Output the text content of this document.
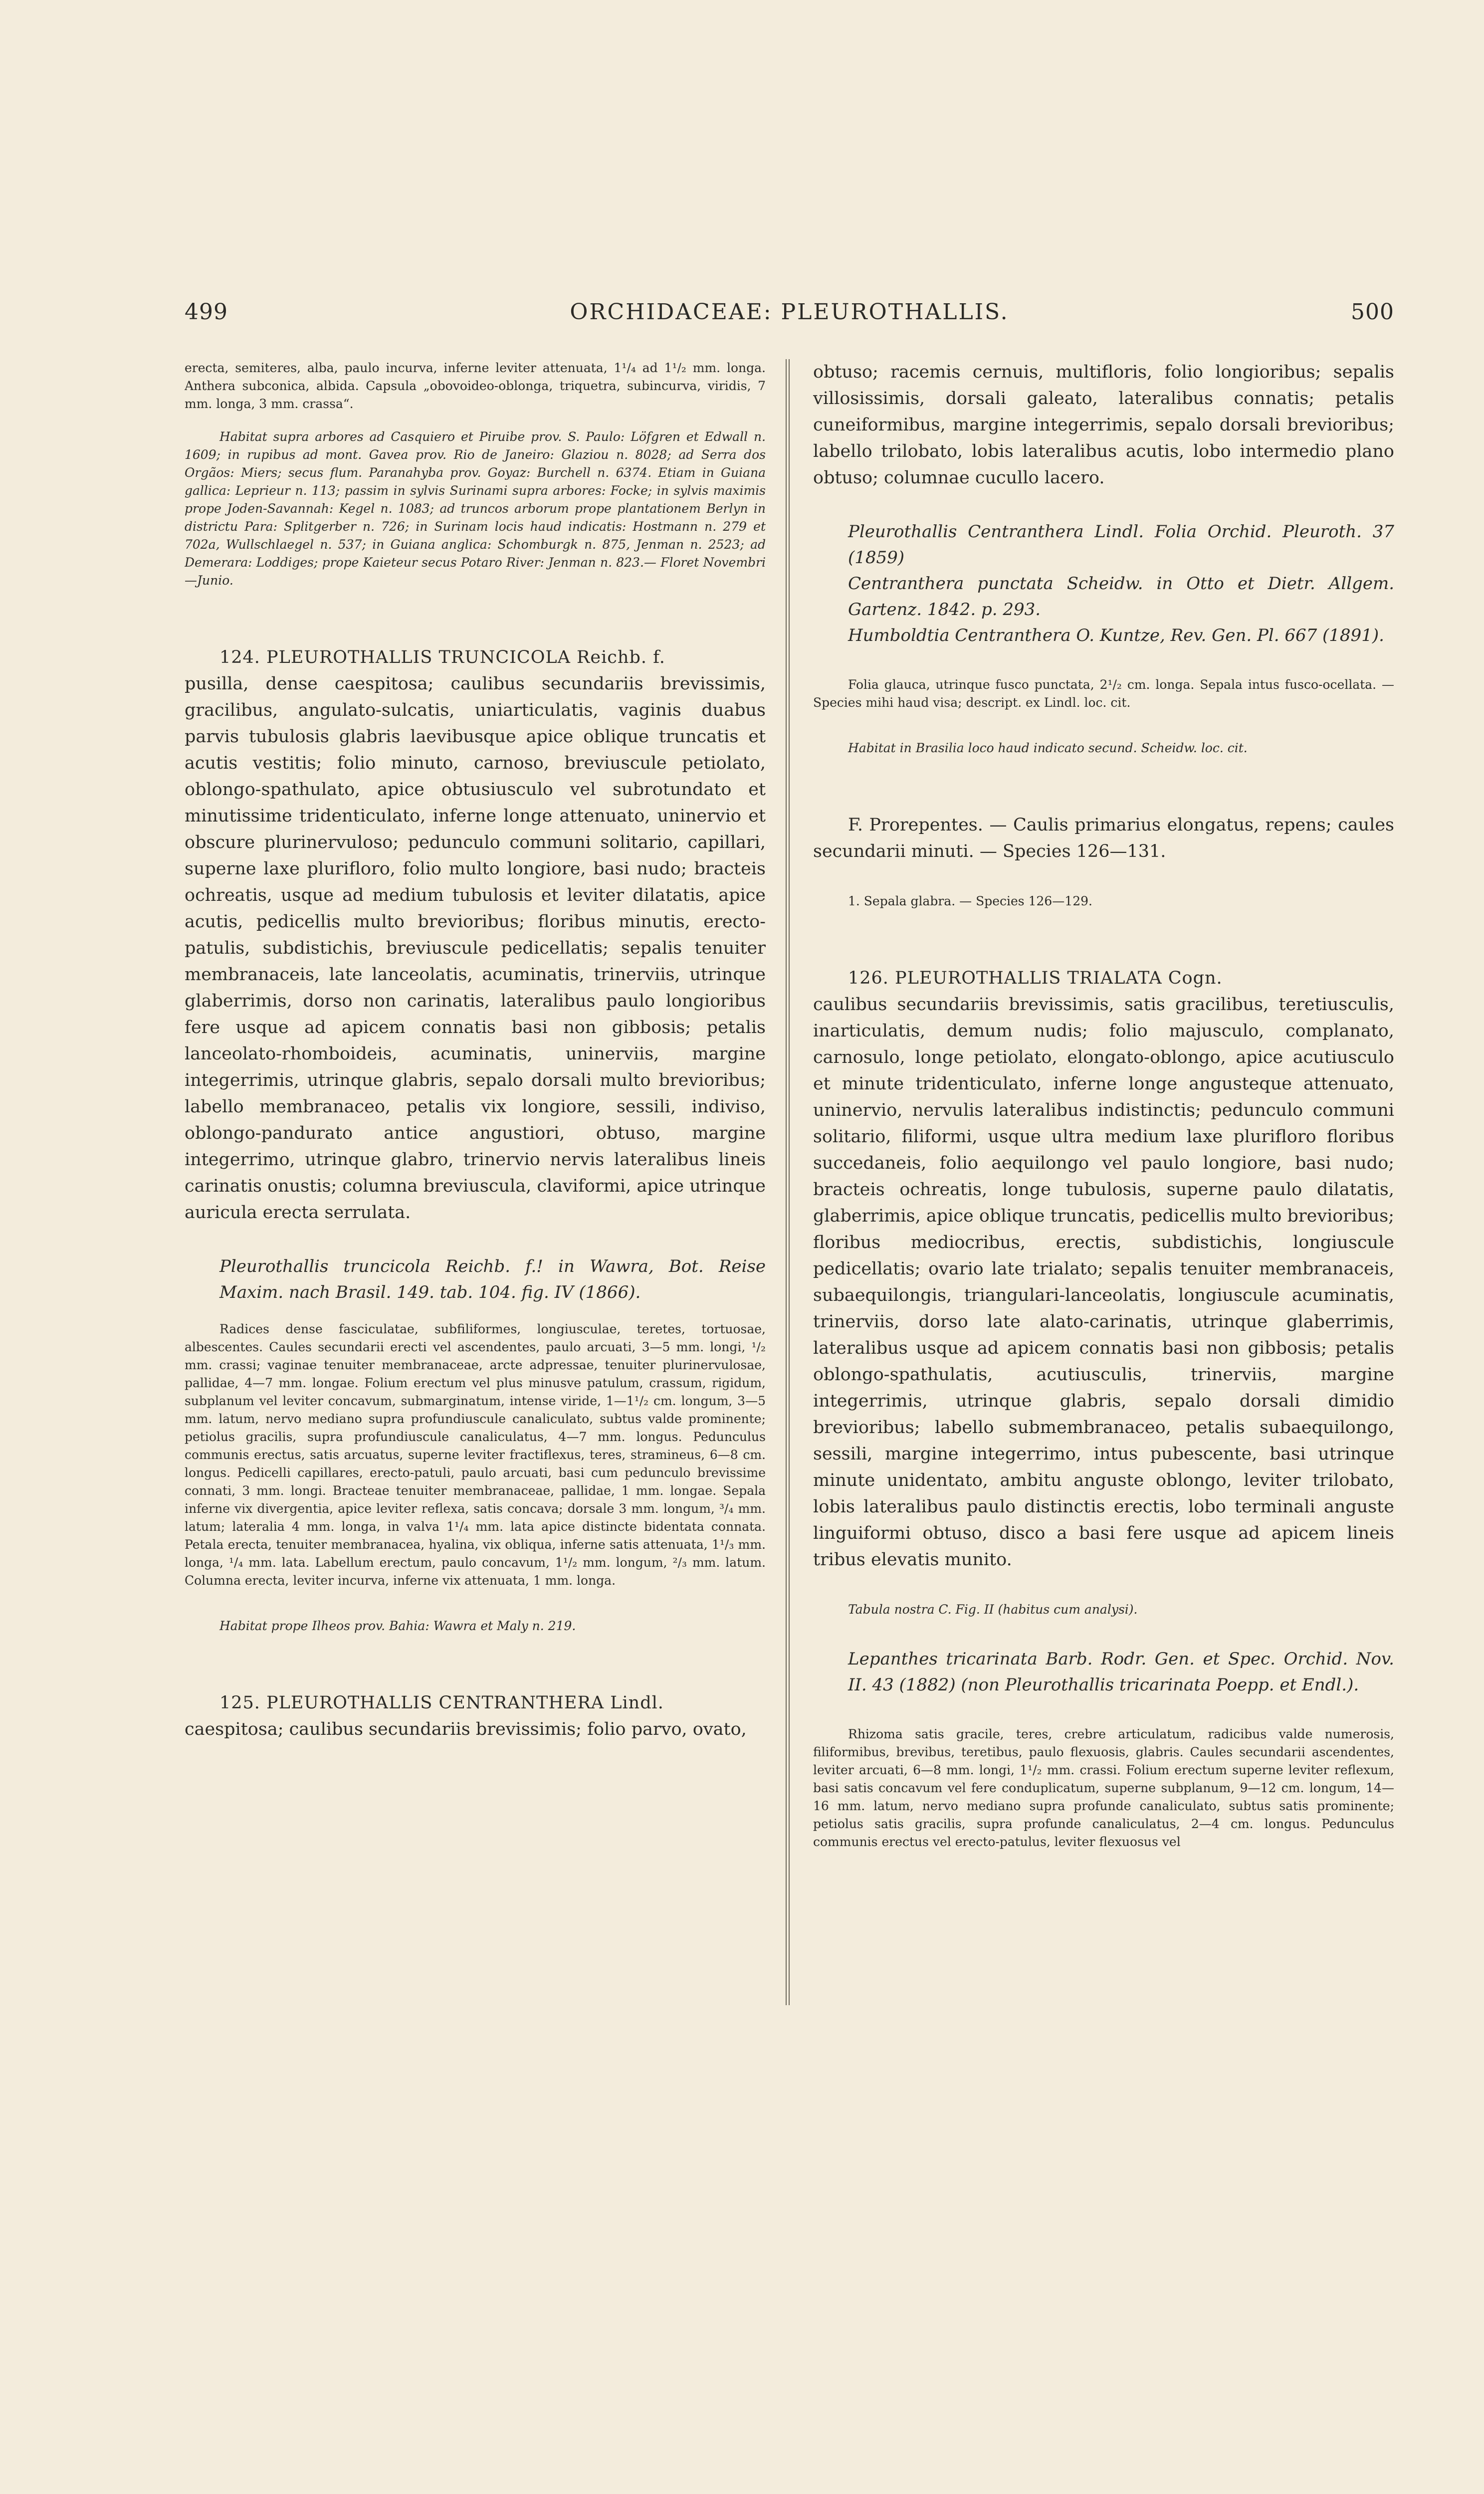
499	ORCHIDACEAE: PLEUROTHALLIS.	500

erecta, semiteres, alba, paulo incurva, inferne leviter attenuata, 1¹/₄ ad 1¹/₂ mm. longa. Anthera subconica, albida. Capsula „obovoideo-oblonga, triquetra, subincurva, viridis, 7 mm. longa, 3 mm. crassa“.

Habitat supra arbores ad Casquiero et Piruibe prov. S. Paulo: Löfgren et Edwall n. 1609; in rupibus ad mont. Gavea prov. Rio de Janeiro: Glaziou n. 8028; ad Serra dos Orgãos: Miers; secus flum. Paranahyba prov. Goyaz: Burchell n. 6374. Etiam in Guiana gallica: Leprieur n. 113; passim in sylvis Surinami supra arbores: Focke; in sylvis maximis prope Joden-Savannah: Kegel n. 1083; ad truncos arborum prope plantationem Berlyn in districtu Para: Splitgerber n. 726; in Surinam locis haud indicatis: Hostmann n. 279 et 702a, Wullschlaegel n. 537; in Guiana anglica: Schomburgk n. 875, Jenman n. 2523; ad Demerara: Loddiges; prope Kaieteur secus Potaro River: Jenman n. 823.— Floret Novembri—Junio.

124. PLEUROTHALLIS TRUNCICOLA Reichb. f.

pusilla, dense caespitosa; caulibus secundariis brevissimis, gracilibus, angulato-sulcatis, uniarticulatis, vaginis duabus parvis tubulosis glabris laevibusque apice oblique truncatis et acutis vestitis; folio minuto, carnoso, breviuscule petiolato, oblongo-spathulato, apice obtusiusculo vel subrotundato et minutissime tridenticulato, inferne longe attenuato, uninervio et obscure plurinervuloso; pedunculo communi solitario, capillari, superne laxe plurifloro, folio multo longiore, basi nudo; bracteis ochreatis, usque ad medium tubulosis et leviter dilatatis, apice acutis, pedicellis multo brevioribus; floribus minutis, erecto-patulis, subdistichis, breviuscule pedicellatis; sepalis tenuiter membranaceis, late lanceolatis, acuminatis, trinerviis, utrinque glaberrimis, dorso non carinatis, lateralibus paulo longioribus fere usque ad apicem connatis basi non gibbosis; petalis lanceolato-rhomboideis, acuminatis, uninerviis, margine integerrimis, utrinque glabris, sepalo dorsali multo brevioribus; labello membranaceo, petalis vix longiore, sessili, indiviso, oblongo-pandurato antice angustiori, obtuso, margine integerrimo, utrinque glabro, trinervio nervis lateralibus lineis carinatis onustis; columna breviuscula, claviformi, apice utrinque auricula erecta serrulata.

Pleurothallis truncicola Reichb. f.! in Wawra, Bot. Reise Maxim. nach Brasil. 149. tab. 104. fig. IV (1866).

Radices dense fasciculatae, subfiliformes, longiusculae, teretes, tortuosae, albescentes. Caules secundarii erecti vel ascendentes, paulo arcuati, 3—5 mm. longi, ¹/₂ mm. crassi; vaginae tenuiter membranaceae, arcte adpressae, tenuiter plurinervulosae, pallidae, 4—7 mm. longae. Folium erectum vel plus minusve patulum, crassum, rigidum, subplanum vel leviter concavum, submarginatum, intense viride, 1—1¹/₂ cm. longum, 3—5 mm. latum, nervo mediano supra profundiuscule canaliculato, subtus valde prominente; petiolus gracilis, supra profundiuscule canaliculatus, 4—7 mm. longus. Pedunculus communis erectus, satis arcuatus, superne leviter fractiflexus, teres, stramineus, 6—8 cm. longus. Pedicelli capillares, erecto-patuli, paulo arcuati, basi cum pedunculo brevissime connati, 3 mm. longi. Bracteae tenuiter membranaceae, pallidae, 1 mm. longae. Sepala inferne vix divergentia, apice leviter reflexa, satis concava; dorsale 3 mm. longum, ³/₄ mm. latum; lateralia 4 mm. longa, in valva 1¹/₄ mm. lata apice distincte bidentata connata. Petala erecta, tenuiter membranacea, hyalina, vix obliqua, inferne satis attenuata, 1¹/₃ mm. longa, ¹/₄ mm. lata. Labellum erectum, paulo concavum, 1¹/₂ mm. longum, ²/₃ mm. latum. Columna erecta, leviter incurva, inferne vix attenuata, 1 mm. longa.

Habitat prope Ilheos prov. Bahia: Wawra et Maly n. 219.

125. PLEUROTHALLIS CENTRANTHERA Lindl.

caespitosa; caulibus secundariis brevissimis; folio parvo, ovato,

obtuso; racemis cernuis, multifloris, folio longioribus; sepalis villosissimis, dorsali galeato, lateralibus connatis; petalis cuneiformibus, margine integerrimis, sepalo dorsali brevioribus; labello trilobato, lobis lateralibus acutis, lobo intermedio plano obtuso; columnae cucullo lacero.

Pleurothallis Centranthera Lindl. Folia Orchid. Pleuroth. 37 (1859)

Centranthera punctata Scheidw. in Otto et Dietr. Allgem. Gartenz. 1842. p. 293.

Humboldtia Centranthera O. Kuntze, Rev. Gen. Pl. 667 (1891).

Folia glauca, utrinque fusco punctata, 2¹/₂ cm. longa. Sepala intus fusco-ocellata. — Species mihi haud visa; descript. ex Lindl. loc. cit.

Habitat in Brasilia loco haud indicato secund. Scheidw. loc. cit.

F. Prorepentes. — Caulis primarius elongatus, repens; caules secundarii minuti. — Species 126—131.

1. Sepala glabra. — Species 126—129.

126. PLEUROTHALLIS TRIALATA Cogn.

caulibus secundariis brevissimis, satis gracilibus, teretiusculis, inarticulatis, demum nudis; folio majusculo, complanato, carnosulo, longe petiolato, elongato-oblongo, apice acutiusculo et minute tridenticulato, inferne longe angusteque attenuato, uninervio, nervulis lateralibus indistinctis; pedunculo communi solitario, filiformi, usque ultra medium laxe plurifloro floribus succedaneis, folio aequilongo vel paulo longiore, basi nudo; bracteis ochreatis, longe tubulosis, superne paulo dilatatis, glaberrimis, apice oblique truncatis, pedicellis multo brevioribus; floribus mediocribus, erectis, subdistichis, longiuscule pedicellatis; ovario late trialato; sepalis tenuiter membranaceis, subaequilongis, triangulari-lanceolatis, longiuscule acuminatis, trinerviis, dorso late alato-carinatis, utrinque glaberrimis, lateralibus usque ad apicem connatis basi non gibbosis; petalis oblongo-spathulatis, acutiusculis, trinerviis, margine integerrimis, utrinque glabris, sepalo dorsali dimidio brevioribus; labello submembranaceo, petalis subaequilongo, sessili, margine integerrimo, intus pubescente, basi utrinque minute unidentato, ambitu anguste oblongo, leviter trilobato, lobis lateralibus paulo distinctis erectis, lobo terminali anguste linguiformi obtuso, disco a basi fere usque ad apicem lineis tribus elevatis munito.

Tabula nostra C. Fig. II (habitus cum analysi).

Lepanthes tricarinata Barb. Rodr. Gen. et Spec. Orchid. Nov. II. 43 (1882) (non Pleurothallis tricarinata Poepp. et Endl.).

Rhizoma satis gracile, teres, crebre articulatum, radicibus valde numerosis, filiformibus, brevibus, teretibus, paulo flexuosis, glabris. Caules secundarii ascendentes, leviter arcuati, 6—8 mm. longi, 1¹/₂ mm. crassi. Folium erectum superne leviter reflexum, basi satis concavum vel fere conduplicatum, superne subplanum, 9—12 cm. longum, 14—16 mm. latum, nervo mediano supra profunde canaliculato, subtus satis prominente; petiolus satis gracilis, supra profunde canaliculatus, 2—4 cm. longus. Pedunculus communis erectus vel erecto-patulus, leviter flexuosus vel
